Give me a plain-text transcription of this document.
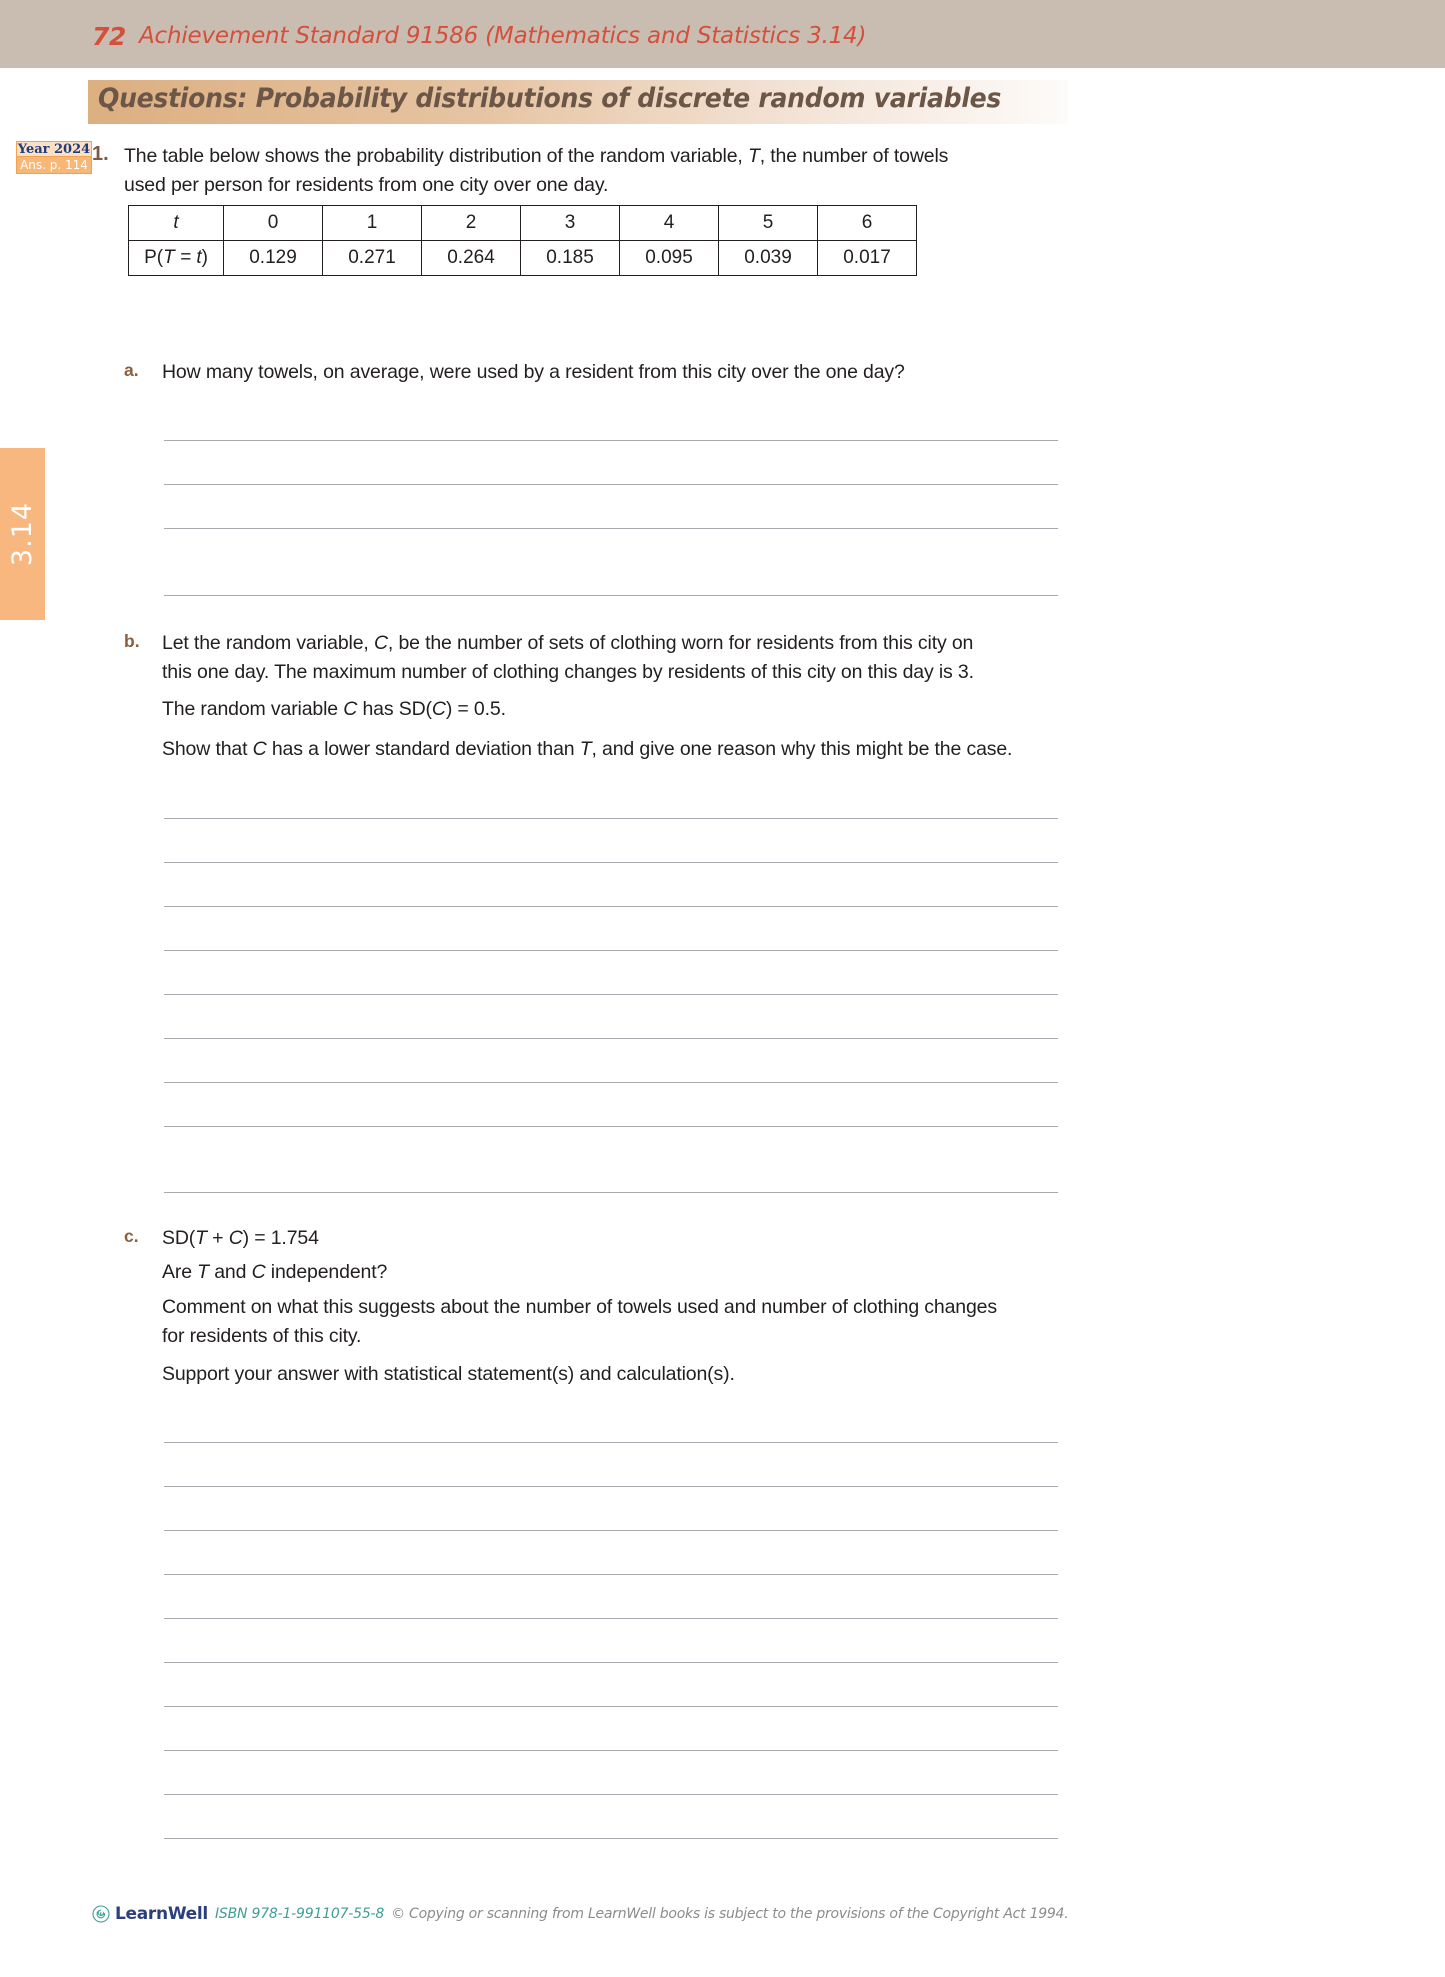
72 Achievement Standard 91586 (Mathematics and Statistics 3.14)
Questions: Probability distributions of discrete random variables
3.14
Year 2024
Ans. p. 114 1. The table below shows the probability distribution of the random variable, T, the number of towels
used per person for residents from one city over one day.
t	0	1	2	3	4	5	6
P(T = t)	0.129	0.271	0.264	0.185	0.095	0.039	0.017
a. How many towels, on average, were used by a resident from this city over the one day?
b. Let the random variable, C, be the number of sets of clothing worn for residents from this city on
this one day. The maximum number of clothing changes by residents of this city on this day is 3.
The random variable C has SD(C) = 0.5.
Show that C has a lower standard deviation than T, and give one reason why this might be the case.
c. SD(T + C) = 1.754
Are T and C independent?
Comment on what this suggests about the number of towels used and number of clothing changes
for residents of this city.
Support your answer with statistical statement(s) and calculation(s).
LearnWell ISBN 978-1-991107-55-8 © Copying or scanning from LearnWell books is subject to the provisions of the Copyright Act 1994.
